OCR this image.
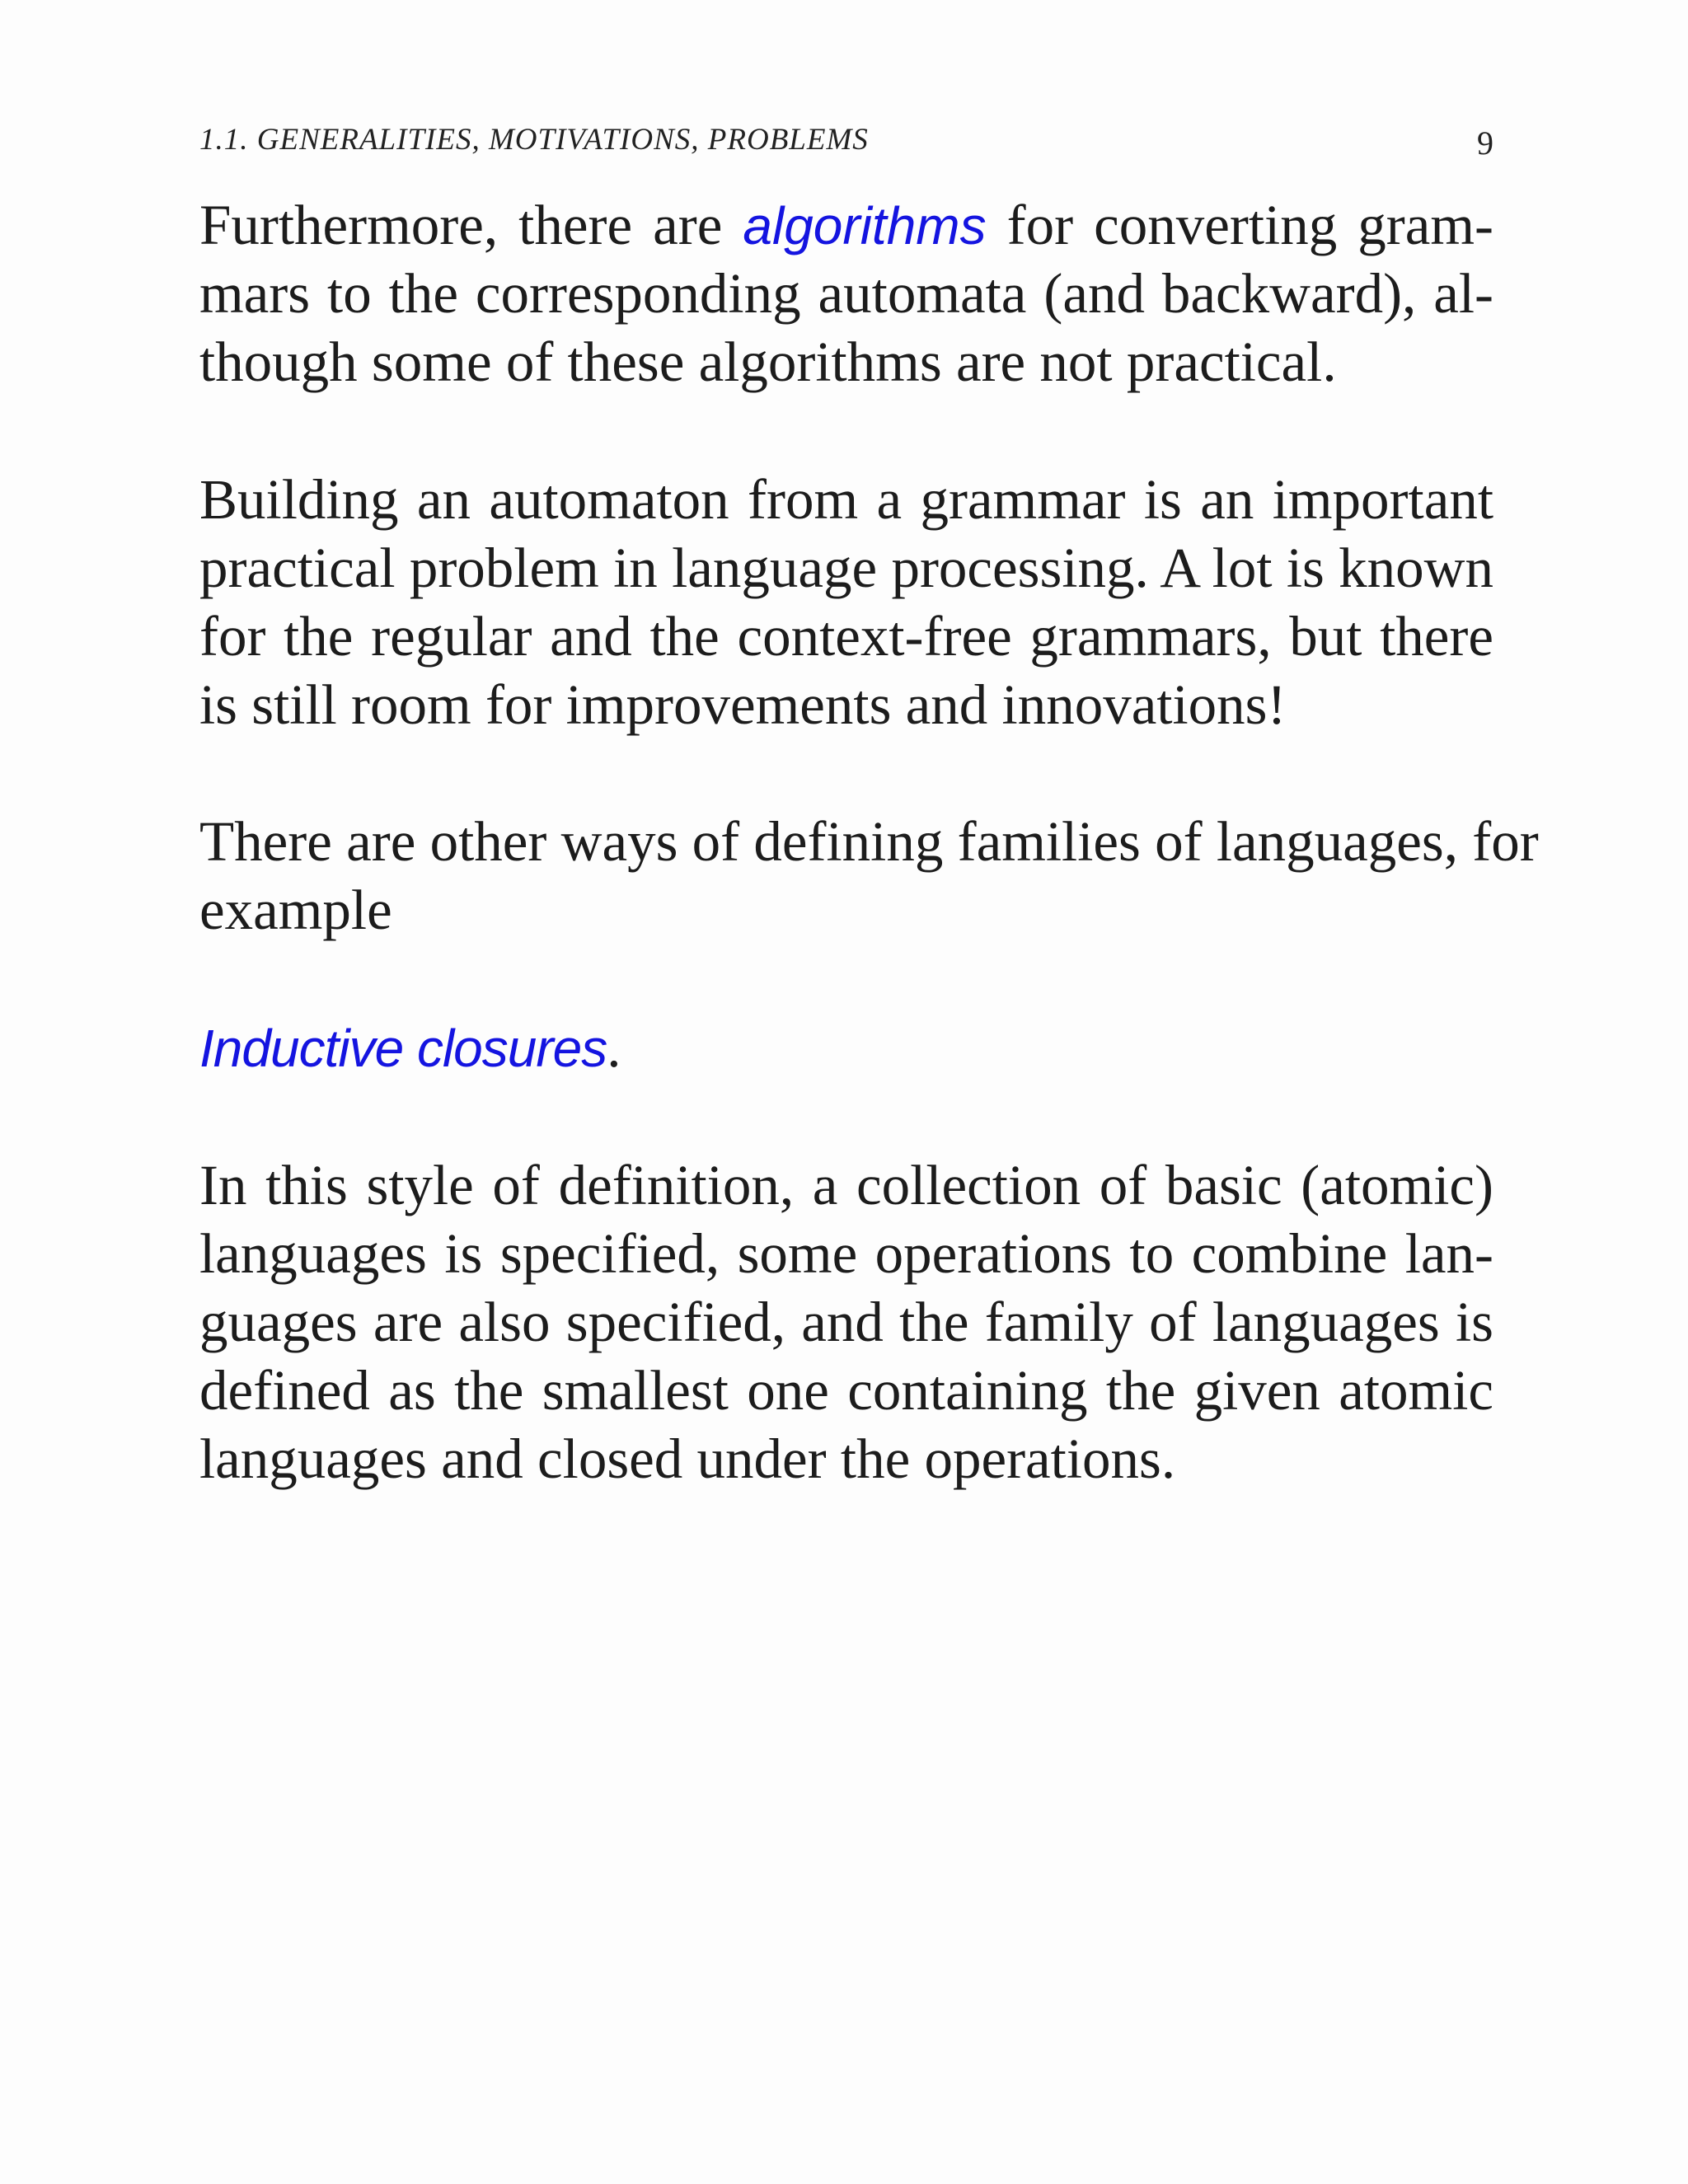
1.1. GENERALITIES, MOTIVATIONS, PROBLEMS	9
Furthermore, there are algorithms for converting gram-
mars to the corresponding automata (and backward), al-
though some of these algorithms are not practical.
Building an automaton from a grammar is an important
practical problem in language processing. A lot is known
for the regular and the context-free grammars, but there
is still room for improvements and innovations!
There are other ways of defining families of languages, for
example
Inductive closures.
In this style of definition, a collection of basic (atomic)
languages is specified, some operations to combine lan-
guages are also specified, and the family of languages is
defined as the smallest one containing the given atomic
languages and closed under the operations.
